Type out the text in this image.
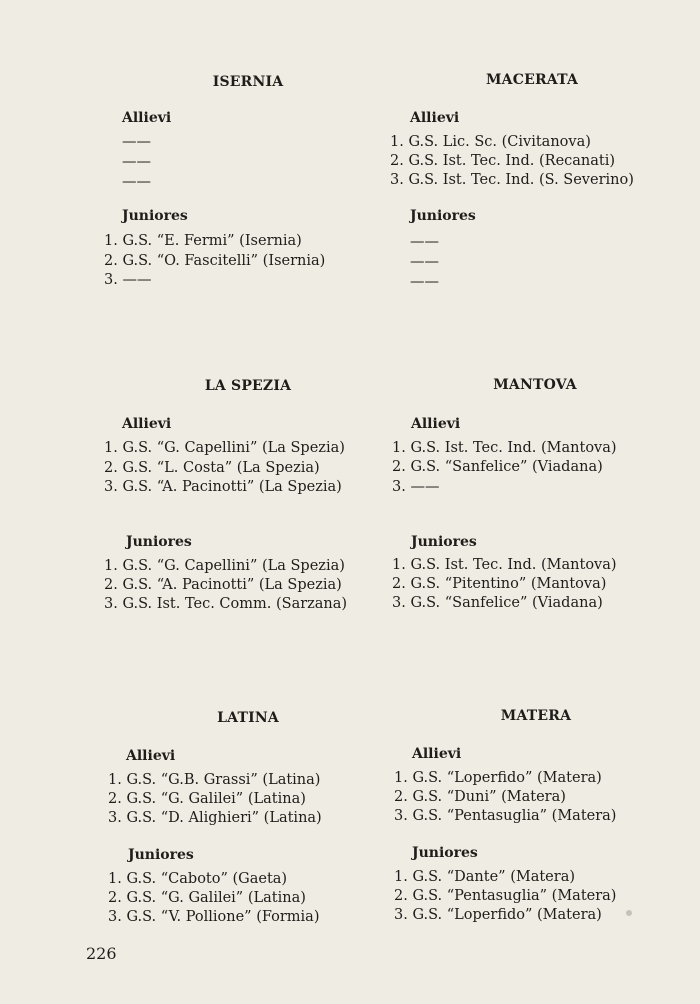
ISERNIA
Allievi
——
——
——
Juniores
1. G.S. “E. Fermi” (Isernia)
2. G.S. “O. Fascitelli” (Isernia)
3. ——
MACERATA
Allievi
1. G.S. Lic. Sc. (Civitanova)
2. G.S. Ist. Tec. Ind. (Recanati)
3. G.S. Ist. Tec. Ind. (S. Severino)
Juniores
——
——
——
LA SPEZIA
Allievi
1. G.S. “G. Capellini” (La Spezia)
2. G.S. “L. Costa” (La Spezia)
3. G.S. “A. Pacinotti” (La Spezia)
Juniores
1. G.S. “G. Capellini” (La Spezia)
2. G.S. “A. Pacinotti” (La Spezia)
3. G.S. Ist. Tec. Comm. (Sarzana)
MANTOVA
Allievi
1. G.S. Ist. Tec. Ind. (Mantova)
2. G.S. “Sanfelice” (Viadana)
3. ——
Juniores
1. G.S. Ist. Tec. Ind. (Mantova)
2. G.S. “Pitentino” (Mantova)
3. G.S. “Sanfelice” (Viadana)
LATINA
Allievi
1. G.S. “G.B. Grassi” (Latina)
2. G.S. “G. Galilei” (Latina)
3. G.S. “D. Alighieri” (Latina)
Juniores
1. G.S. “Caboto” (Gaeta)
2. G.S. “G. Galilei” (Latina)
3. G.S. “V. Pollione” (Formia)
MATERA
Allievi
1. G.S. “Loperfido” (Matera)
2. G.S. “Duni” (Matera)
3. G.S. “Pentasuglia” (Matera)
Juniores
1. G.S. “Dante” (Matera)
2. G.S. “Pentasuglia” (Matera)
3. G.S. “Loperfido” (Matera)
226
